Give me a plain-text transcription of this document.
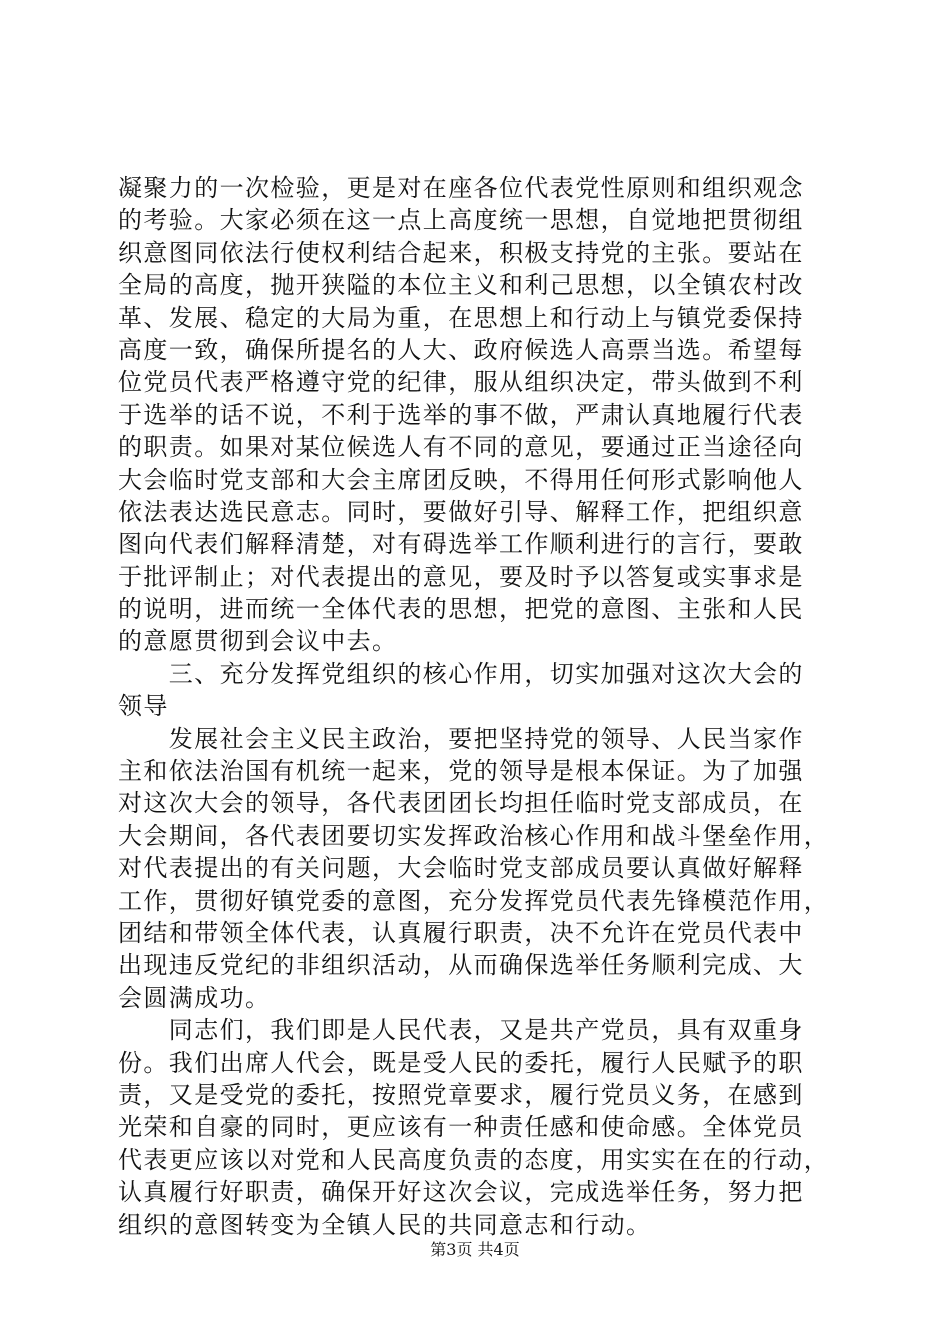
凝聚力的一次检验，更是对在座各位代表党性原则和组织观念
的考验。大家必须在这一点上高度统一思想，自觉地把贯彻组
织意图同依法行使权利结合起来，积极支持党的主张。要站在
全局的高度，抛开狭隘的本位主义和利己思想，以全镇农村改
革、发展、稳定的大局为重，在思想上和行动上与镇党委保持
高度一致，确保所提名的人大、政府候选人高票当选。希望每
位党员代表严格遵守党的纪律，服从组织决定，带头做到不利
于选举的话不说，不利于选举的事不做，严肃认真地履行代表
的职责。如果对某位候选人有不同的意见，要通过正当途径向
大会临时党支部和大会主席团反映，不得用任何形式影响他人
依法表达选民意志。同时，要做好引导、解释工作，把组织意
图向代表们解释清楚，对有碍选举工作顺利进行的言行，要敢
于批评制止；对代表提出的意见，要及时予以答复或实事求是
的说明，进而统一全体代表的思想，把党的意图、主张和人民
的意愿贯彻到会议中去。
　　三、充分发挥党组织的核心作用，切实加强对这次大会的
领导
　　发展社会主义民主政治，要把坚持党的领导、人民当家作
主和依法治国有机统一起来，党的领导是根本保证。为了加强
对这次大会的领导，各代表团团长均担任临时党支部成员，在
大会期间，各代表团要切实发挥政治核心作用和战斗堡垒作用，
对代表提出的有关问题，大会临时党支部成员要认真做好解释
工作，贯彻好镇党委的意图，充分发挥党员代表先锋模范作用，
团结和带领全体代表，认真履行职责，决不允许在党员代表中
出现违反党纪的非组织活动，从而确保选举任务顺利完成、大
会圆满成功。
　　同志们，我们即是人民代表，又是共产党员，具有双重身
份。我们出席人代会，既是受人民的委托，履行人民赋予的职
责，又是受党的委托，按照党章要求，履行党员义务，在感到
光荣和自豪的同时，更应该有一种责任感和使命感。全体党员
代表更应该以对党和人民高度负责的态度，用实实在在的行动，
认真履行好职责，确保开好这次会议，完成选举任务，努力把
组织的意图转变为全镇人民的共同意志和行动。
第3页 共4页
